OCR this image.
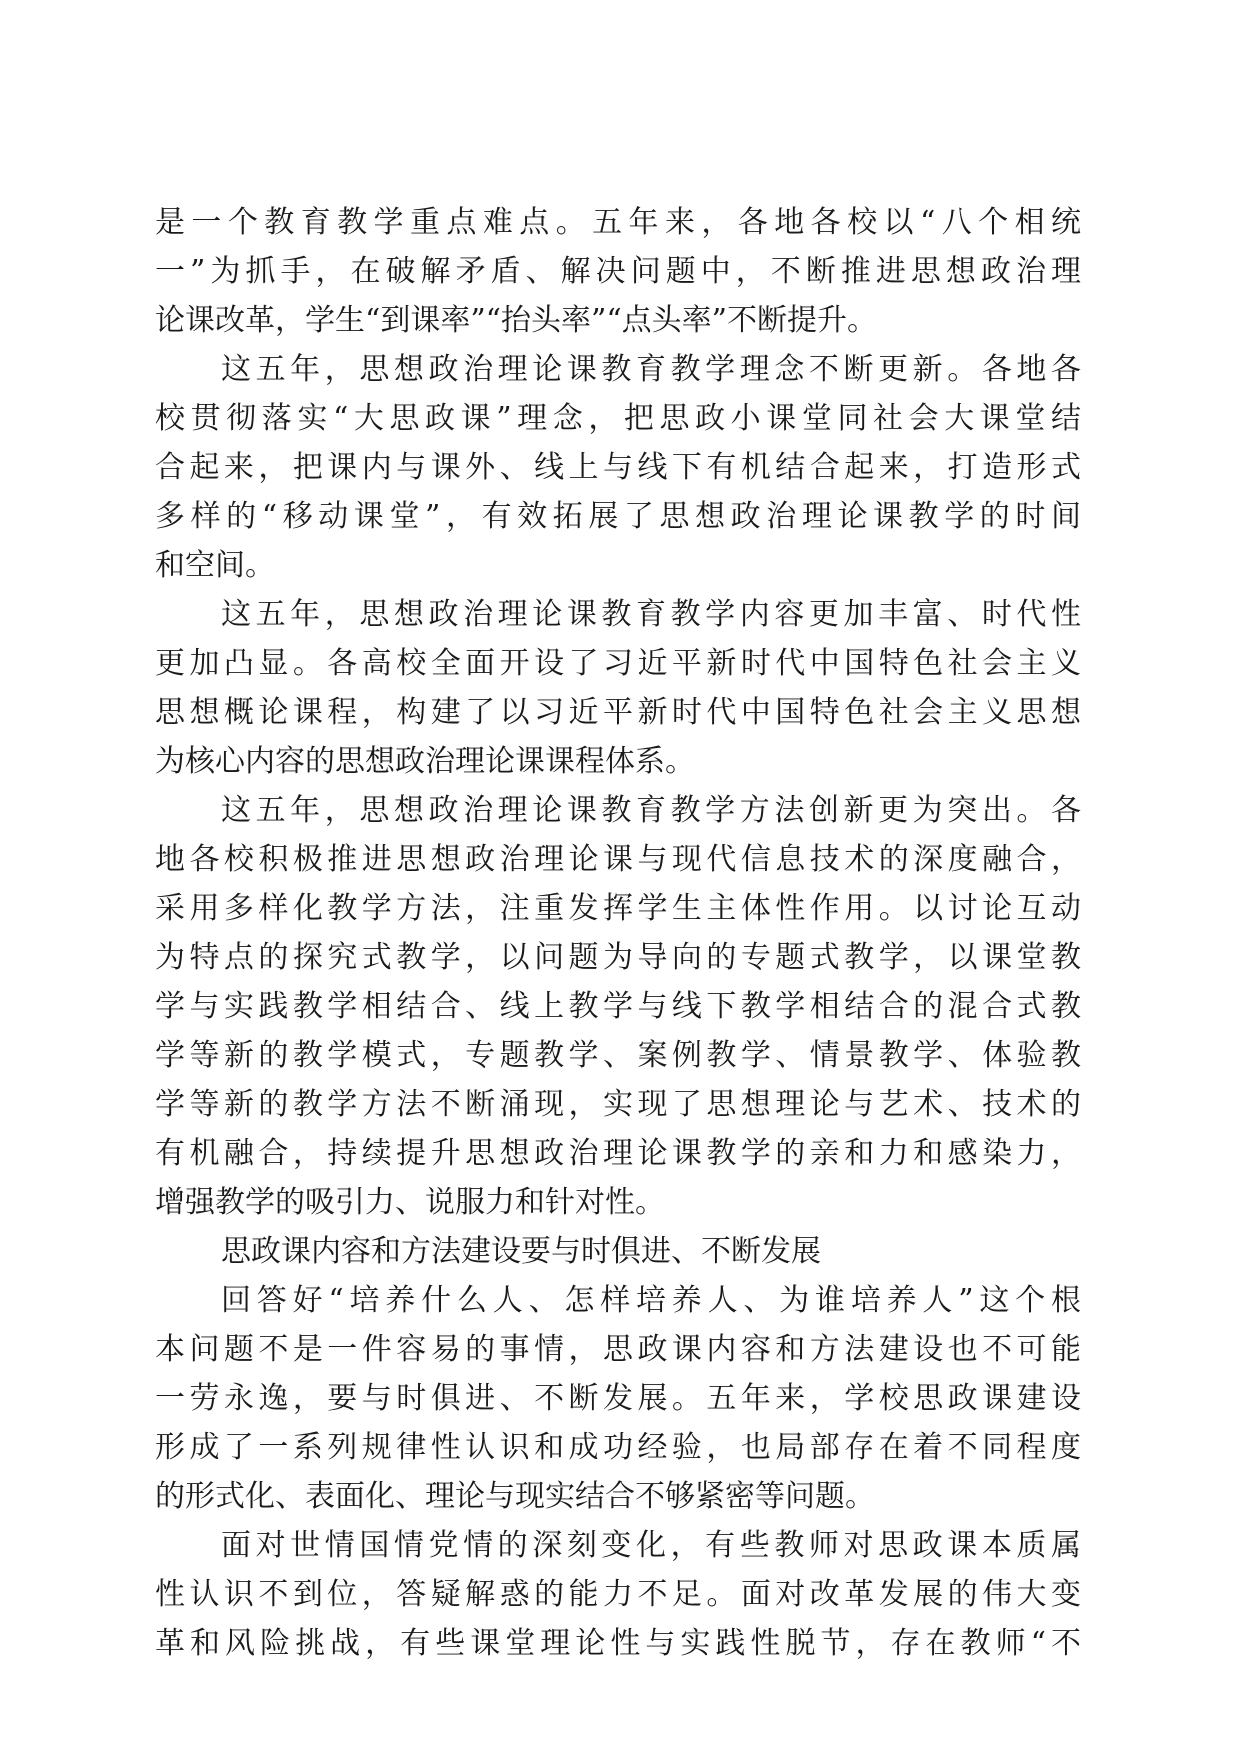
是一个教育教学重点难点。五年来，各地各校以“八个相统
一”为抓手，在破解矛盾、解决问题中，不断推进思想政治理
论课改革，学生“到课率”“抬头率”“点头率”不断提升。
这五年，思想政治理论课教育教学理念不断更新。各地各
校贯彻落实“大思政课”理念，把思政小课堂同社会大课堂结
合起来，把课内与课外、线上与线下有机结合起来，打造形式
多样的“移动课堂”，有效拓展了思想政治理论课教学的时间
和空间。
这五年，思想政治理论课教育教学内容更加丰富、时代性
更加凸显。各高校全面开设了习近平新时代中国特色社会主义
思想概论课程，构建了以习近平新时代中国特色社会主义思想
为核心内容的思想政治理论课课程体系。
这五年，思想政治理论课教育教学方法创新更为突出。各
地各校积极推进思想政治理论课与现代信息技术的深度融合，
采用多样化教学方法，注重发挥学生主体性作用。以讨论互动
为特点的探究式教学，以问题为导向的专题式教学，以课堂教
学与实践教学相结合、线上教学与线下教学相结合的混合式教
学等新的教学模式，专题教学、案例教学、情景教学、体验教
学等新的教学方法不断涌现，实现了思想理论与艺术、技术的
有机融合，持续提升思想政治理论课教学的亲和力和感染力，
增强教学的吸引力、说服力和针对性。
思政课内容和方法建设要与时俱进、不断发展
回答好“培养什么人、怎样培养人、为谁培养人”这个根
本问题不是一件容易的事情，思政课内容和方法建设也不可能
一劳永逸，要与时俱进、不断发展。五年来，学校思政课建设
形成了一系列规律性认识和成功经验，也局部存在着不同程度
的形式化、表面化、理论与现实结合不够紧密等问题。
面对世情国情党情的深刻变化，有些教师对思政课本质属
性认识不到位，答疑解惑的能力不足。面对改革发展的伟大变
革和风险挑战，有些课堂理论性与实践性脱节，存在教师“不
